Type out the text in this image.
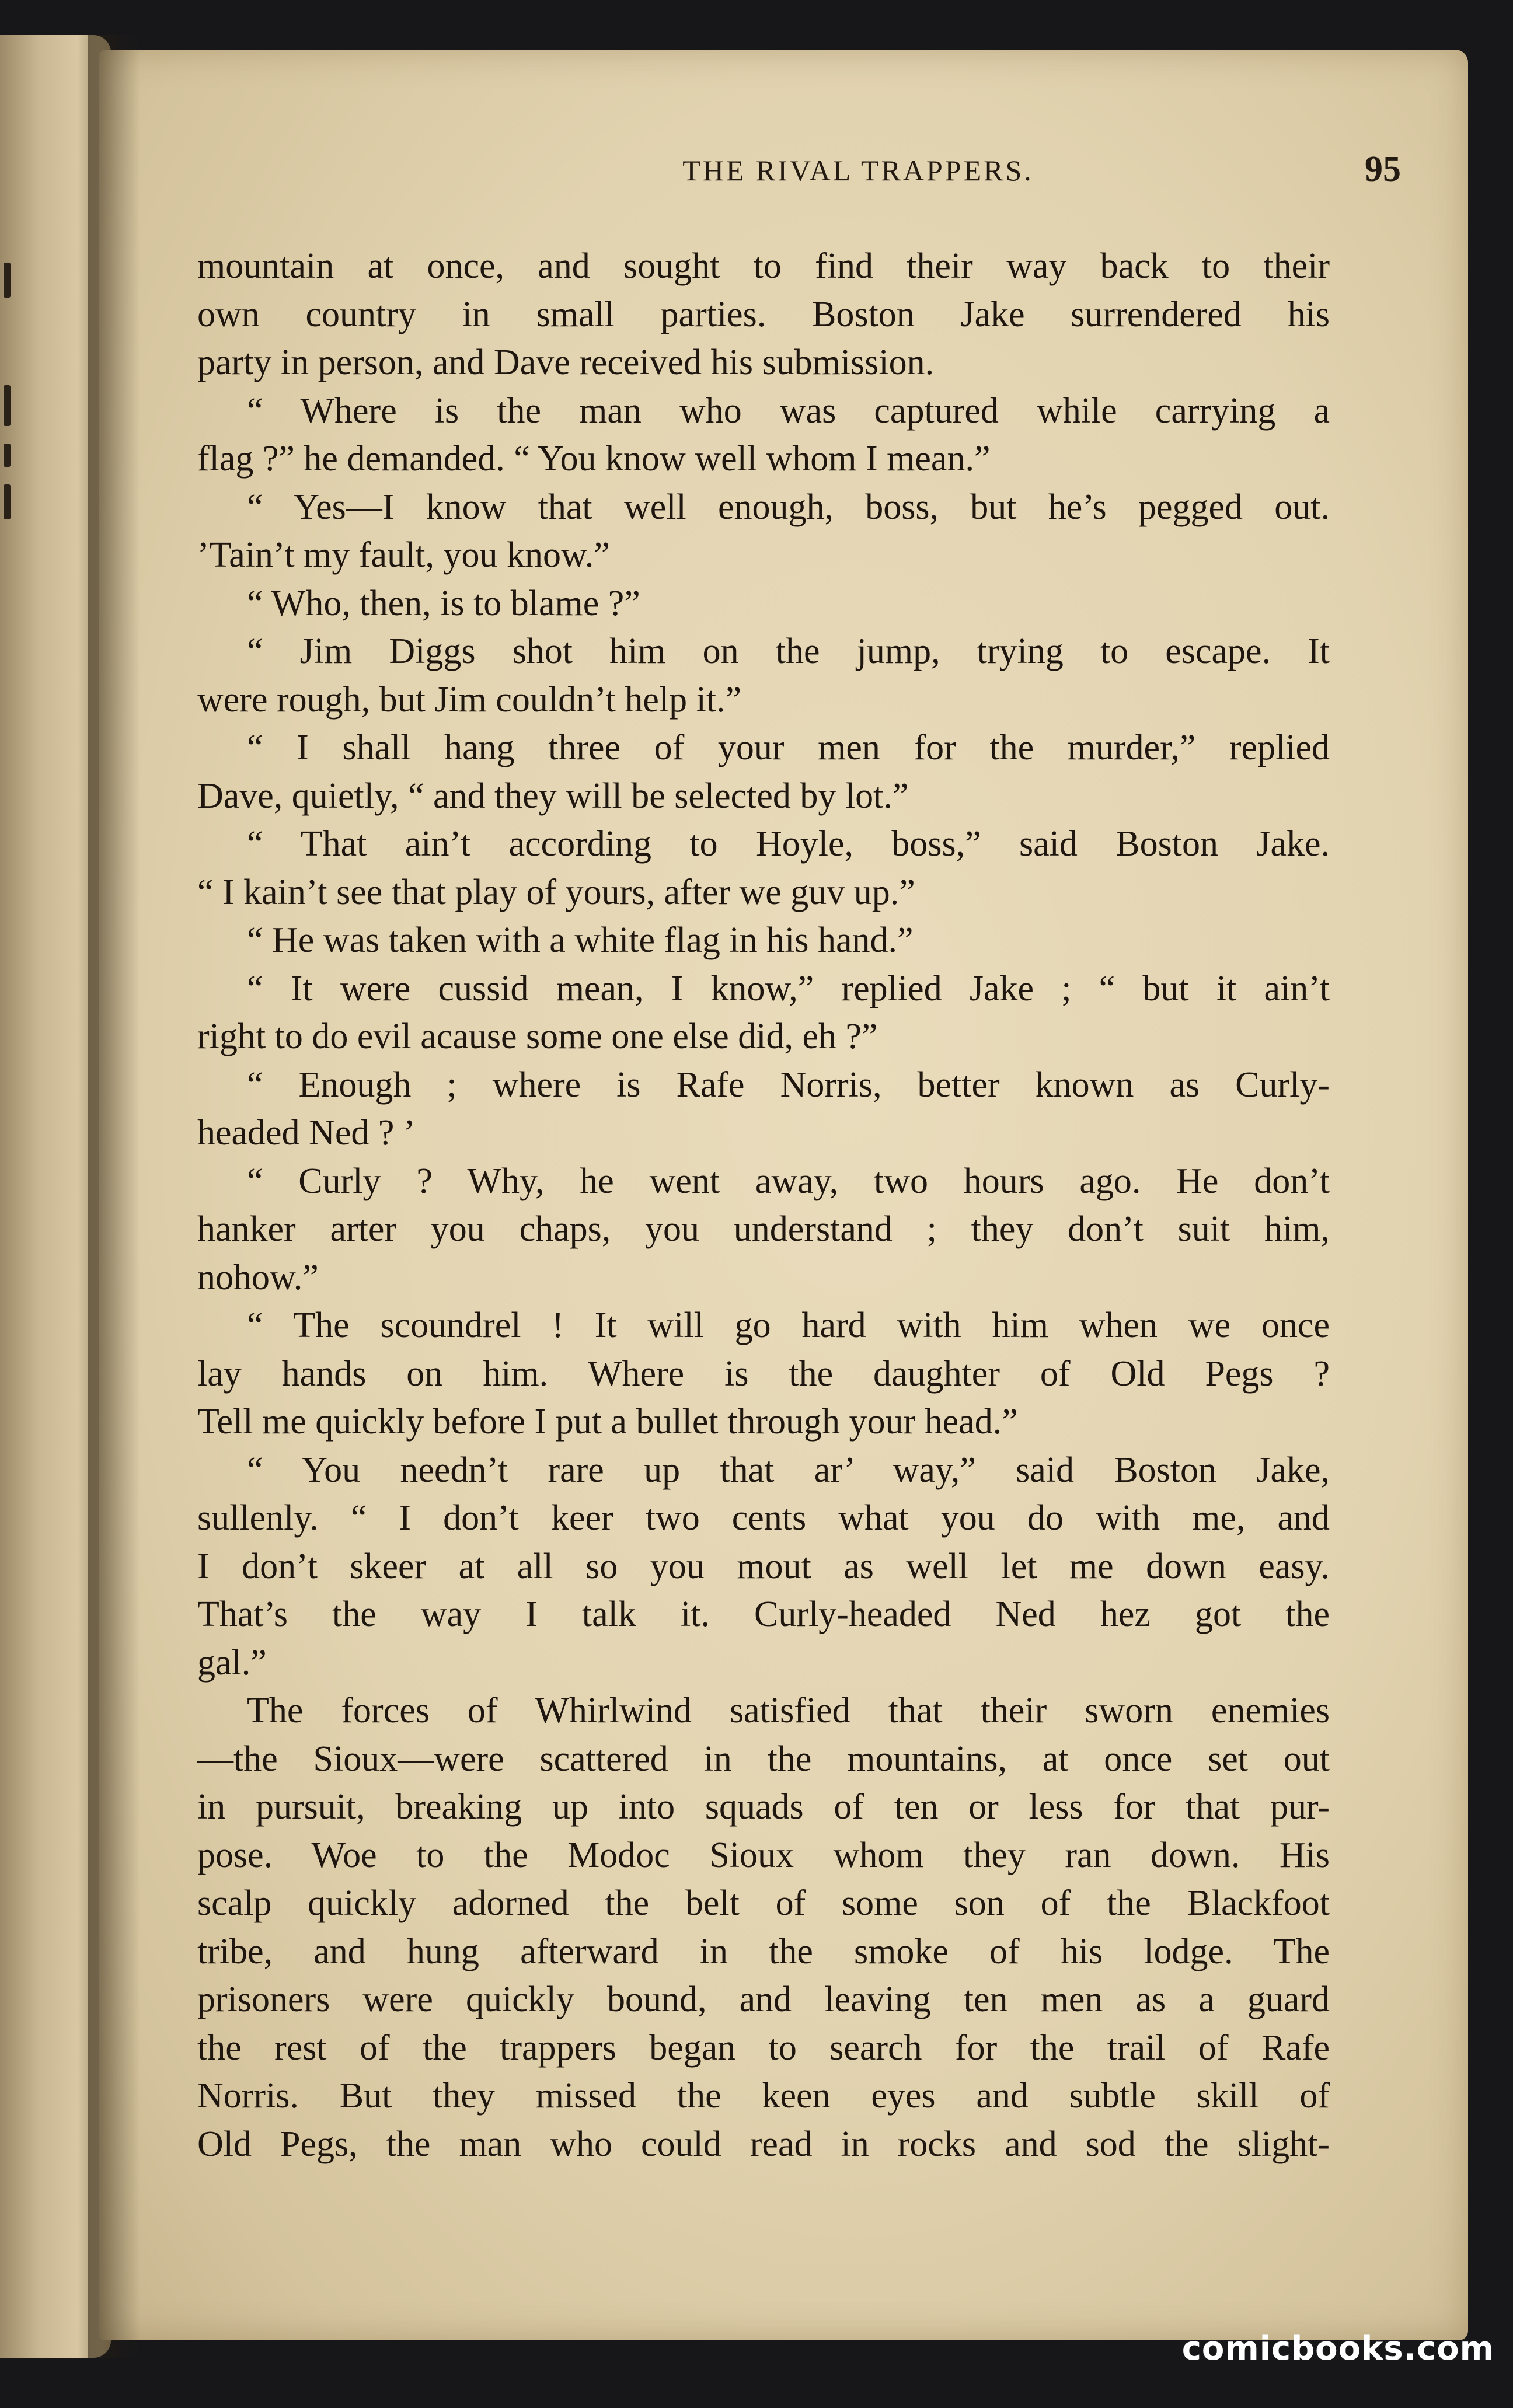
THE RIVAL TRAPPERS.	95
mountain at once, and sought to find their way back to their
own country in small parties. Boston Jake surrendered his
party in person, and Dave received his submission.
“ Where is the man who was captured while carrying a
flag ?” he demanded. “ You know well whom I mean.”
“ Yes—I know that well enough, boss, but he’s pegged out.
’Tain’t my fault, you know.”
“ Who, then, is to blame ?”
“ Jim Diggs shot him on the jump, trying to escape. It
were rough, but Jim couldn’t help it.”
“ I shall hang three of your men for the murder,” replied
Dave, quietly, “ and they will be selected by lot.”
“ That ain’t according to Hoyle, boss,” said Boston Jake.
“ I kain’t see that play of yours, after we guv up.”
“ He was taken with a white flag in his hand.”
“ It were cussid mean, I know,” replied Jake ; “ but it ain’t
right to do evil acause some one else did, eh ?”
“ Enough ; where is Rafe Norris, better known as Curly-
headed Ned ? ’
“ Curly ? Why, he went away, two hours ago. He don’t
hanker arter you chaps, you understand ; they don’t suit him,
nohow.”
“ The scoundrel ! It will go hard with him when we once
lay hands on him. Where is the daughter of Old Pegs ?
Tell me quickly before I put a bullet through your head.”
“ You needn’t rare up that ar’ way,” said Boston Jake,
sullenly. “ I don’t keer two cents what you do with me, and
I don’t skeer at all so you mout as well let me down easy.
That’s the way I talk it. Curly-headed Ned hez got the
gal.”
The forces of Whirlwind satisfied that their sworn enemies
—the Sioux—were scattered in the mountains, at once set out
in pursuit, breaking up into squads of ten or less for that pur-
pose. Woe to the Modoc Sioux whom they ran down. His
scalp quickly adorned the belt of some son of the Blackfoot
tribe, and hung afterward in the smoke of his lodge. The
prisoners were quickly bound, and leaving ten men as a guard
the rest of the trappers began to search for the trail of Rafe
Norris. But they missed the keen eyes and subtle skill of
Old Pegs, the man who could read in rocks and sod the slight-
comicbooks.com
